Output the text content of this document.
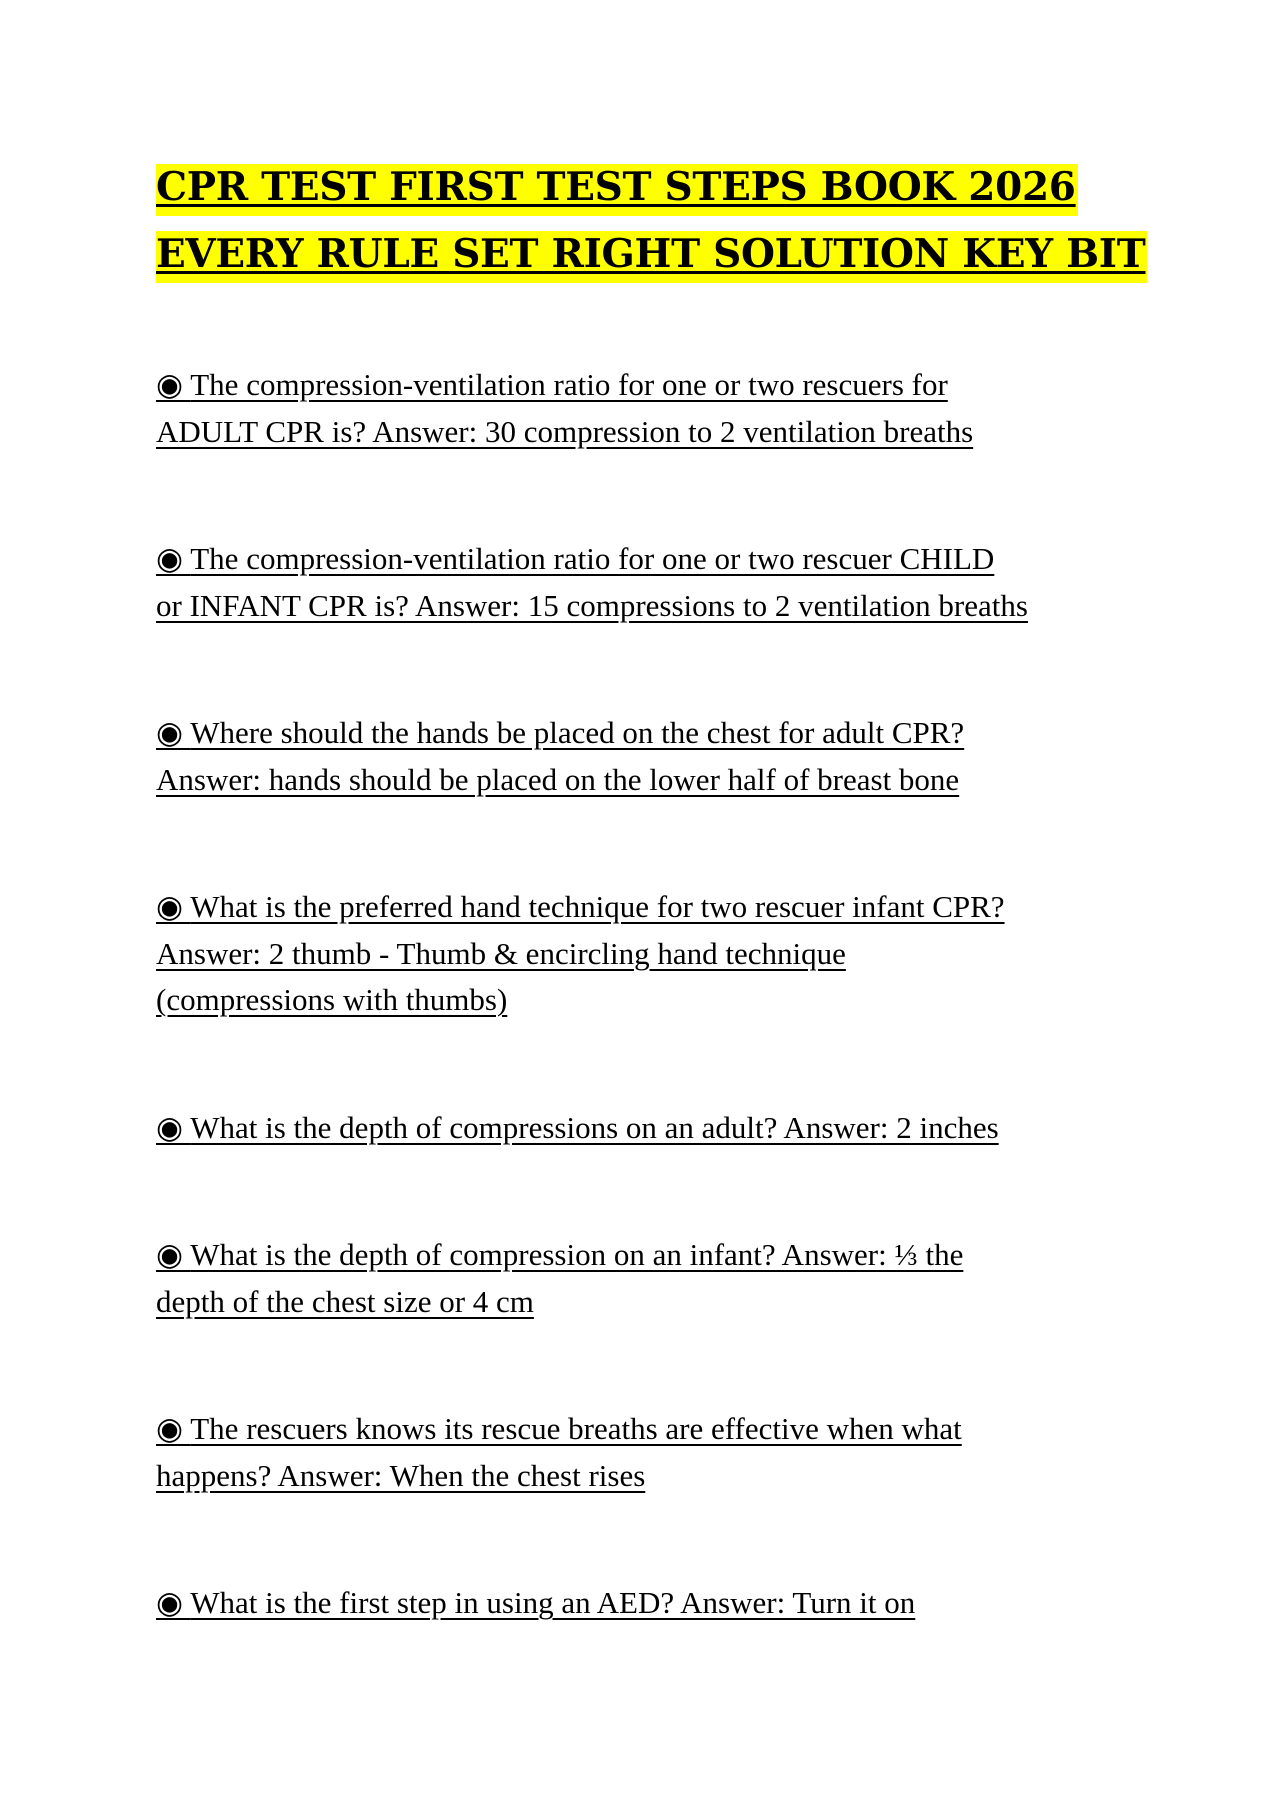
CPR TEST FIRST TEST STEPS BOOK 2026
EVERY RULE SET RIGHT SOLUTION KEY BIT
◉ The compression-ventilation ratio for one or two rescuers for
ADULT CPR is? Answer: 30 compression to 2 ventilation breaths
◉ The compression-ventilation ratio for one or two rescuer CHILD
or INFANT CPR is? Answer: 15 compressions to 2 ventilation breaths
◉ Where should the hands be placed on the chest for adult CPR?
Answer: hands should be placed on the lower half of breast bone
◉ What is the preferred hand technique for two rescuer infant CPR?
Answer: 2 thumb - Thumb & encircling hand technique
(compressions with thumbs)
◉ What is the depth of compressions on an adult? Answer: 2 inches
◉ What is the depth of compression on an infant? Answer: ⅓ the
depth of the chest size or 4 cm
◉ The rescuers knows its rescue breaths are effective when what
happens? Answer: When the chest rises
◉ What is the first step in using an AED? Answer: Turn it on
